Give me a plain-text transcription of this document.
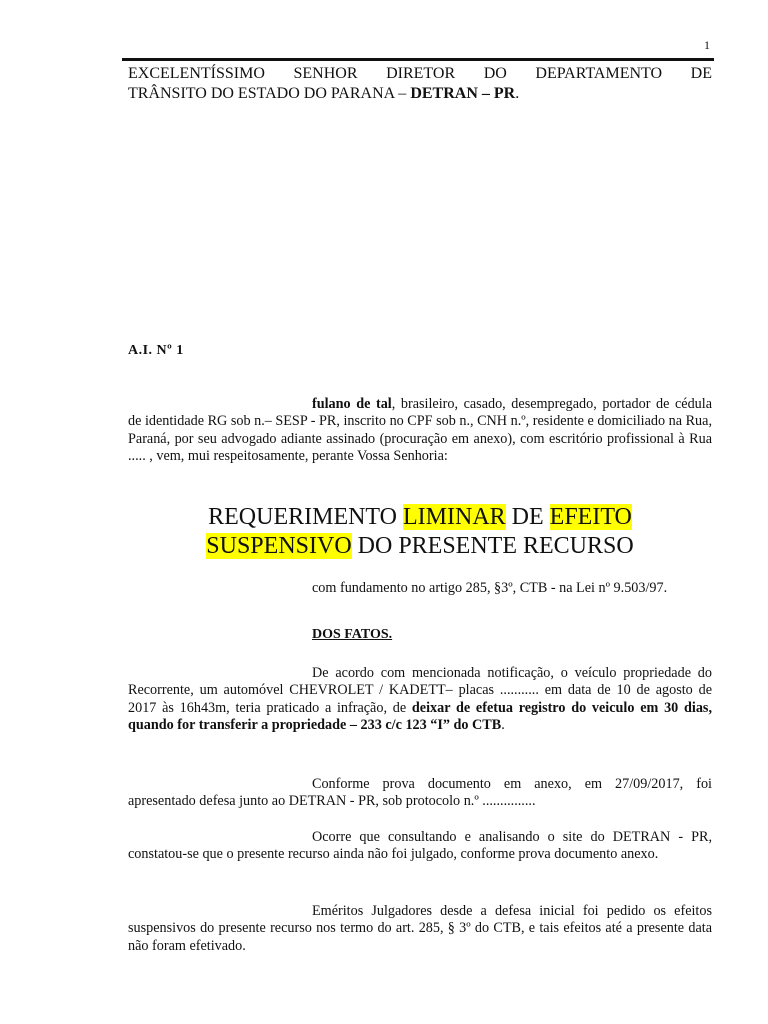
1
EXCELENTÍSSIMO SENHOR DIRETOR DO DEPARTAMENTO DE
TRÂNSITO DO ESTADO DO PARANA – DETRAN – PR.
A.I. Nº 1
fulano de tal, brasileiro, casado, desempregado, portador de cédula de identidade RG sob n.– SESP - PR, inscrito no CPF sob n., CNH n.º, residente e domiciliado na Rua, Paraná, por seu advogado adiante assinado (procuração em anexo), com escritório profissional à Rua ..... , vem, mui respeitosamente, perante Vossa Senhoria:
REQUERIMENTO LIMINAR DE EFEITO
SUSPENSIVO DO PRESENTE RECURSO
com fundamento no artigo 285, §3º, CTB - na Lei nº 9.503/97.
DOS FATOS.
De acordo com mencionada notificação, o veículo propriedade do Recorrente, um automóvel CHEVROLET / KADETT– placas ........... em data de 10 de agosto de 2017 às 16h43m, teria praticado a infração, de deixar de efetua registro do veiculo em 30 dias, quando for transferir a propriedade – 233 c/c 123 “I” do CTB.
Conforme prova documento em anexo, em 27/09/2017, foi apresentado defesa junto ao DETRAN - PR, sob protocolo n.º ...............
Ocorre que consultando e analisando o site do DETRAN - PR, constatou-se que o presente recurso ainda não foi julgado, conforme prova documento anexo.
Eméritos Julgadores desde a defesa inicial foi pedido os efeitos suspensivos do presente recurso nos termo do art. 285, § 3º do CTB, e tais efeitos até a presente data não foram efetivado.
